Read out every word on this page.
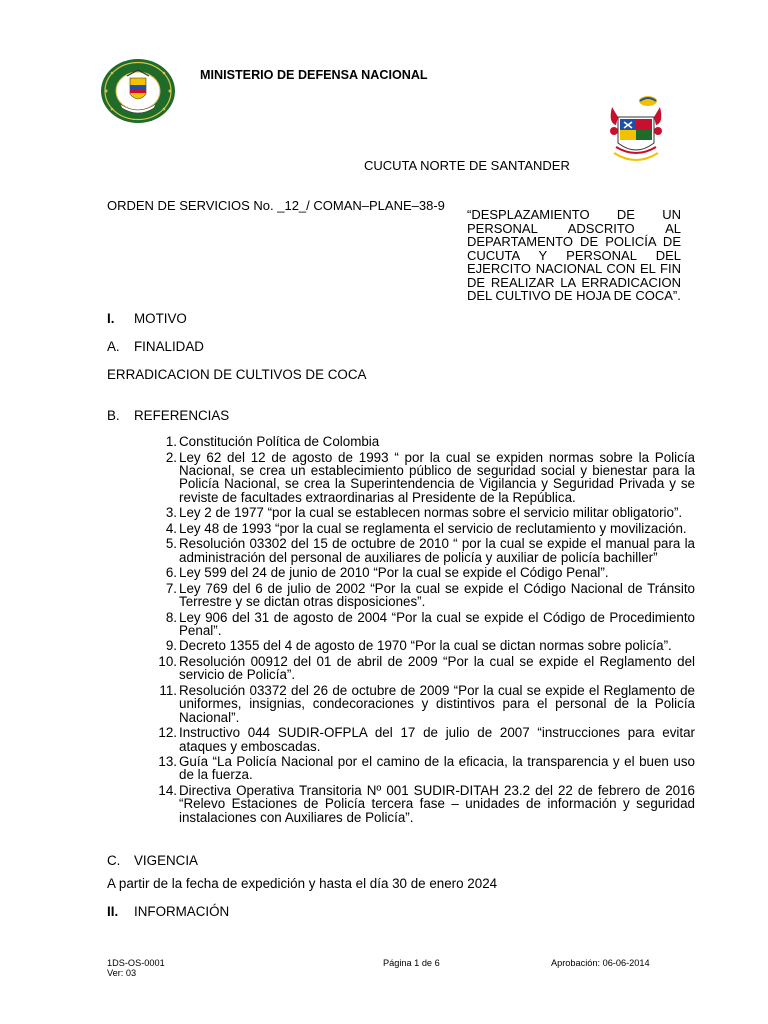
MINISTERIO DE DEFENSA NACIONAL
CUCUTA NORTE DE SANTANDER
ORDEN DE SERVICIOS No. _12_/ COMAN–PLANE–38-9
“DESPLAZAMIENTO DE UN PERSONAL ADSCRITO AL DEPARTAMENTO DE POLICÍA DE CUCUTA Y PERSONAL DEL EJERCITO NACIONAL CON EL FIN DE REALIZAR LA ERRADICACION DEL CULTIVO DE HOJA DE COCA”.
I. MOTIVO
A. FINALIDAD
ERRADICACION DE CULTIVOS DE COCA
B. REFERENCIAS
1. Constitución Política de Colombia
2. Ley 62 del 12 de agosto de 1993 “ por la cual se expiden normas sobre la Policía Nacional, se crea un establecimiento público de seguridad social y bienestar para la Policía Nacional, se crea la Superintendencia de Vigilancia y Seguridad Privada y se reviste de facultades extraordinarias al Presidente de la República.
3. Ley 2 de 1977 “por la cual se establecen normas sobre el servicio militar obligatorio”.
4. Ley 48 de 1993 “por la cual se reglamenta el servicio de reclutamiento y movilización.
5. Resolución 03302 del 15 de octubre de 2010 “ por la cual se expide el manual para la administración del personal de auxiliares de policía y auxiliar de policía bachiller”
6. Ley 599 del 24 de junio de 2010 “Por la cual se expide el Código Penal”.
7. Ley 769 del 6 de julio de 2002 “Por la cual se expide el Código Nacional de Tránsito Terrestre y se dictan otras disposiciones”.
8. Ley 906 del 31 de agosto de 2004 “Por la cual se expide el Código de Procedimiento Penal”.
9. Decreto 1355 del 4 de agosto de 1970 “Por la cual se dictan normas sobre policía”.
10. Resolución 00912 del 01 de abril de 2009 “Por la cual se expide el Reglamento del servicio de Policía”.
11. Resolución 03372 del 26 de octubre de 2009 “Por la cual se expide el Reglamento de uniformes, insignias, condecoraciones y distintivos para el personal de la Policía Nacional”.
12. Instructivo 044 SUDIR-OFPLA del 17 de julio de 2007 “instrucciones para evitar ataques y emboscadas.
13. Guía “La Policía Nacional por el camino de la eficacia, la transparencia y el buen uso de la fuerza.
14. Directiva Operativa Transitoria Nº 001 SUDIR-DITAH 23.2 del 22 de febrero de 2016 “Relevo Estaciones de Policía tercera fase – unidades de información y seguridad instalaciones con Auxiliares de Policía”.
C. VIGENCIA
A partir de la fecha de expedición y hasta el día 30 de enero 2024
II. INFORMACIÓN
1DS-OS-0001
Ver: 03
Página 1 de 6	Aprobación: 06-06-2014
